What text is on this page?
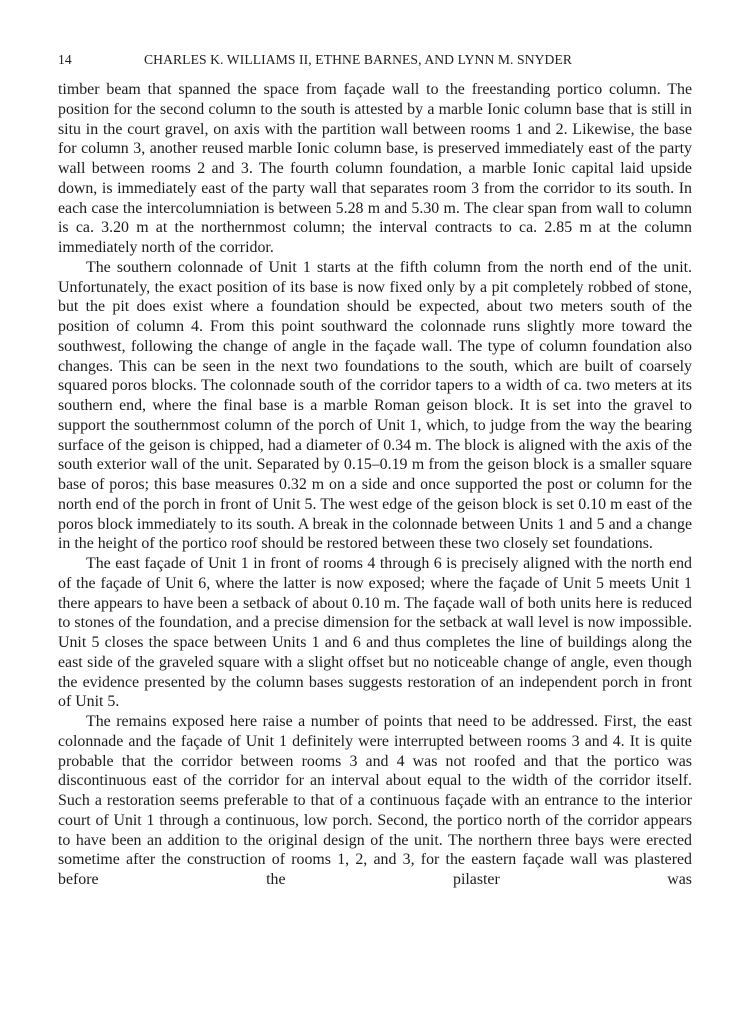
14	CHARLES K. WILLIAMS II, ETHNE BARNES, AND LYNN M. SNYDER

timber beam that spanned the space from façade wall to the freestanding portico column. The position for the second column to the south is attested by a marble Ionic column base that is still in situ in the court gravel, on axis with the partition wall between rooms 1 and 2. Likewise, the base for column 3, another reused marble Ionic column base, is preserved immediately east of the party wall between rooms 2 and 3. The fourth column foundation, a marble Ionic capital laid upside down, is immediately east of the party wall that separates room 3 from the corridor to its south. In each case the intercolumniation is between 5.28 m and 5.30 m. The clear span from wall to column is ca. 3.20 m at the northernmost column; the interval contracts to ca. 2.85 m at the column immediately north of the corridor.

The southern colonnade of Unit 1 starts at the fifth column from the north end of the unit. Unfortunately, the exact position of its base is now fixed only by a pit completely robbed of stone, but the pit does exist where a foundation should be expected, about two meters south of the position of column 4. From this point southward the colonnade runs slightly more toward the southwest, following the change of angle in the façade wall. The type of column foundation also changes. This can be seen in the next two foundations to the south, which are built of coarsely squared poros blocks. The colonnade south of the corridor tapers to a width of ca. two meters at its southern end, where the final base is a marble Roman geison block. It is set into the gravel to support the southernmost column of the porch of Unit 1, which, to judge from the way the bearing surface of the geison is chipped, had a diameter of 0.34 m. The block is aligned with the axis of the south exterior wall of the unit. Separated by 0.15–0.19 m from the geison block is a smaller square base of poros; this base measures 0.32 m on a side and once supported the post or column for the north end of the porch in front of Unit 5. The west edge of the geison block is set 0.10 m east of the poros block immediately to its south. A break in the colonnade between Units 1 and 5 and a change in the height of the portico roof should be restored between these two closely set foundations.

The east façade of Unit 1 in front of rooms 4 through 6 is precisely aligned with the north end of the façade of Unit 6, where the latter is now exposed; where the façade of Unit 5 meets Unit 1 there appears to have been a setback of about 0.10 m. The façade wall of both units here is reduced to stones of the foundation, and a precise dimension for the setback at wall level is now impossible. Unit 5 closes the space between Units 1 and 6 and thus completes the line of buildings along the east side of the graveled square with a slight offset but no noticeable change of angle, even though the evidence presented by the column bases suggests restoration of an independent porch in front of Unit 5.

The remains exposed here raise a number of points that need to be addressed. First, the east colonnade and the façade of Unit 1 definitely were interrupted between rooms 3 and 4. It is quite probable that the corridor between rooms 3 and 4 was not roofed and that the portico was discontinuous east of the corridor for an interval about equal to the width of the corridor itself. Such a restoration seems preferable to that of a continuous façade with an entrance to the interior court of Unit 1 through a continuous, low porch. Second, the portico north of the corridor appears to have been an addition to the original design of the unit. The northern three bays were erected sometime after the construction of rooms 1, 2, and 3, for the eastern façade wall was plastered before the pilaster was
